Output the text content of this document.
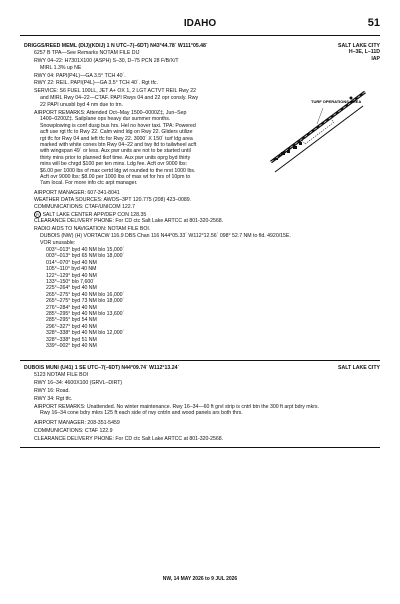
IDAHO	51
DRIGGS/REED MEML (DIJ)(KDIJ) 1 N UTC–7(–6DT) N43°44.78´ W111°05.48´	SALT LAKE CITY
H–3E, L–11D
IAP
6257 B TPA—See Remarks NOTAM FILE DIJ
RWY 04–22: H7301X100 (ASPH) S–30, D–75 PCN 28 F/B/X/T
MIRL 1.3% up NE
RWY 04: PAPI(P4L)—GA 3.5° TCH 40´.
RWY 22: REIL. PAPI(P4L)—GA 3.5° TCH 40´. Rgt tfc.
SERVICE: S6 FUEL 100LL, JET A+ OX 1, 2 LGT ACTVT REIL Rwy 22
and MIRL Rwy 04–22—CTAF. PAPI Rwys 04 and 22 opr consly. Rwy
22 PAPI unusbl byd 4 nm due to trn.
AIRPORT REMARKS: Attended Oct–May 1500–0000Z‡, Jun–Sep
1400–0200Z‡. Sailplane ops heavy dur summer months.
Snowplowing is conf dusg bus hrs. Hel no hover taxi. TPA: Powered
acft use rgt tfc to Rwy 22. Calm wind ldg on Rwy 22. Gliders utilize
rgt tfc for Rwy 04 and left tfc for Rwy 22. 3000´ X 150´ turf ldg area
marked with white cones btn Rwy 04–22 and twy ltd to tailwheel acft
with wingspan 49´ or less. Aux pwr units are not to be started until
thirty mins prior to planned tkof time. Aux pwr units oprg byd thirty
mins will be chrgd $100 per ten mins. Ldg fee. Acft ovr 9000 lbs:
$6.00 per 1000 lbs of max certd ldg wt rounded to the nrst 1000 lbs.
Acft ovr 9000 lbs: $8.00 per 1000 lbs of max wt for hrs of 10pm to
7am local. For more info ctc arpt manager.
AIRPORT MANAGER: 607-341-8041
WEATHER DATA SOURCES: AWOS–3PT 120.775 (208) 423–0089.
COMMUNICATIONS: CTAF/UNICOM 122.7
R SALT LAKE CENTER APP/DEP CON 128.35
CLEARANCE DELIVERY PHONE: For CD ctc Salt Lake ARTCC at 801-320-2568.
RADIO AIDS TO NAVIGATION: NOTAM FILE BOI.
DUBOIS (NW) (H) VORTACW 116.9 DBS Chan 116 N44°05.33´ W112°12.56´ 098° 52.7 NM to fld. 4920/15E.
VOR unusable:
003°–013° byd 40 NM blo 15,000´
003°–013° byd 65 NM blo 18,000´
014°–070° byd 40 NM
105°–110° byd 40 NM
122°–129° byd 40 NM
133°–150° blo 7,600´
225°–264° byd 40 NM
265°–275° byd 40 NM blo 16,000´
265°–275° byd 73 NM blo 18,000´
276°–284° byd 40 NM
285°–295° byd 40 NM blo 13,600´
285°–295° byd 54 NM
296°–327° byd 40 NM
328°–338° byd 40 NM blo 12,000´
328°–338° byd 51 NM
339°–002° byd 40 NM
TURF OPERATIONS AREA
DUBOIS MUNI (U41) 1 SE UTC–7(–6DT) N44°09.74´ W112°13.24´	SALT LAKE CITY
5123 NOTAM FILE BOI
RWY 16–34: 4600X100 (GRVL–DIRT)
RWY 16: Road.
RWY 34: Rgt tfc.
AIRPORT REMARKS: Unattended. No winter maintenance. Rwy 16–34—60 ft grvl strip is cntrl btn the 300 ft arpt bdry mkrs.
Rwy 16–34 cone bdry mkrs 125 ft each side of rwy cntrln and wood panels ars both thrs.
AIRPORT MANAGER: 208-351-5459
COMMUNICATIONS: CTAF 122.9
CLEARANCE DELIVERY PHONE: For CD ctc Salt Lake ARTCC at 801-320-2568.
NW, 14 MAY 2026 to 9 JUL 2026
